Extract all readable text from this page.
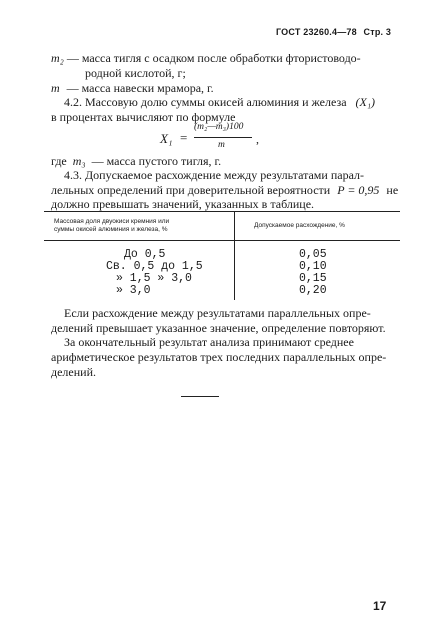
ГОСТ 23260.4—78 Стр. 3
m₂ — масса тигля с осадком после обработки фтористоводо-
родной кислотой, г;
m — масса навески мрамора, г.
4.2. Массовую долю суммы окисей алюминия и железа (X₁)
в процентах вычисляют по формуле
X₁ =
(m₂—m₃)100
m	,
где m₃ — масса пустого тигля, г.
4.3. Допускаемое расхождение между результатами парал-
лельных определений при доверительной вероятности P = 0,95 не
должно превышать значений, указанных в таблице.
Массовая доля двуокиси кремния или
суммы окисей алюминия и железа, %
Допускаемое расхождение, %
До 0,5	0,05
Св. 0,5 до 1,5	0,10
» 1,5 » 3,0	0,15
» 3,0	0,20
Если расхождение между результатами параллельных опре-
делений превышает указанное значение, определение повторяют.
За окончательный результат анализа принимают среднее
арифметическое результатов трех последних параллельных опре-
делений.
17
